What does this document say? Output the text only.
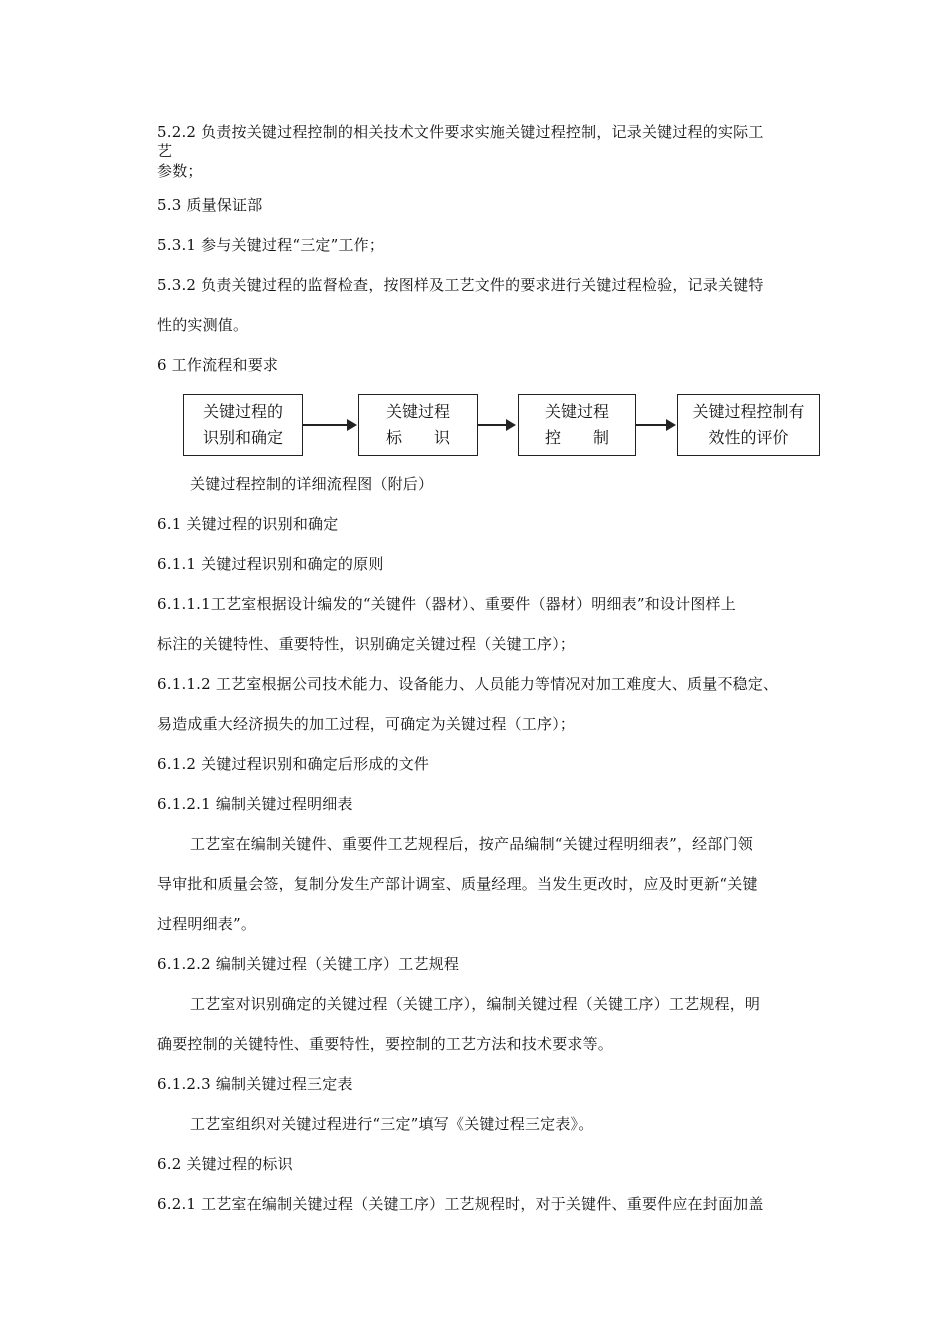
5.2.2 负责按关键过程控制的相关技术文件要求实施关键过程控制，记录关键过程的实际工
艺
参数；
5.3 质量保证部
5.3.1 参与关键过程“三定”工作；
5.3.2 负责关键过程的监督检查，按图样及工艺文件的要求进行关键过程检验，记录关键特
性的实测值。
6 工作流程和要求
关键过程的
识别和确定
关键过程
标　　识
关键过程
控　　制
关键过程控制有
效性的评价
关键过程控制的详细流程图（附后）
6.1 关键过程的识别和确定
6.1.1 关键过程识别和确定的原则
6.1.1.1工艺室根据设计编发的“关键件（器材）、重要件（器材）明细表”和设计图样上
标注的关键特性、重要特性，识别确定关键过程（关键工序）；
6.1.1.2 工艺室根据公司技术能力、设备能力、人员能力等情况对加工难度大、质量不稳定、
易造成重大经济损失的加工过程，可确定为关键过程（工序）；
6.1.2 关键过程识别和确定后形成的文件
6.1.2.1 编制关键过程明细表
工艺室在编制关键件、重要件工艺规程后，按产品编制“关键过程明细表”，经部门领
导审批和质量会签，复制分发生产部计调室、质量经理。当发生更改时，应及时更新“关键
过程明细表”。
6.1.2.2 编制关键过程（关键工序）工艺规程
工艺室对识别确定的关键过程（关键工序），编制关键过程（关键工序）工艺规程，明
确要控制的关键特性、重要特性，要控制的工艺方法和技术要求等。
6.1.2.3 编制关键过程三定表
工艺室组织对关键过程进行“三定”填写《关键过程三定表》。
6.2 关键过程的标识
6.2.1 工艺室在编制关键过程（关键工序）工艺规程时，对于关键件、重要件应在封面加盖
